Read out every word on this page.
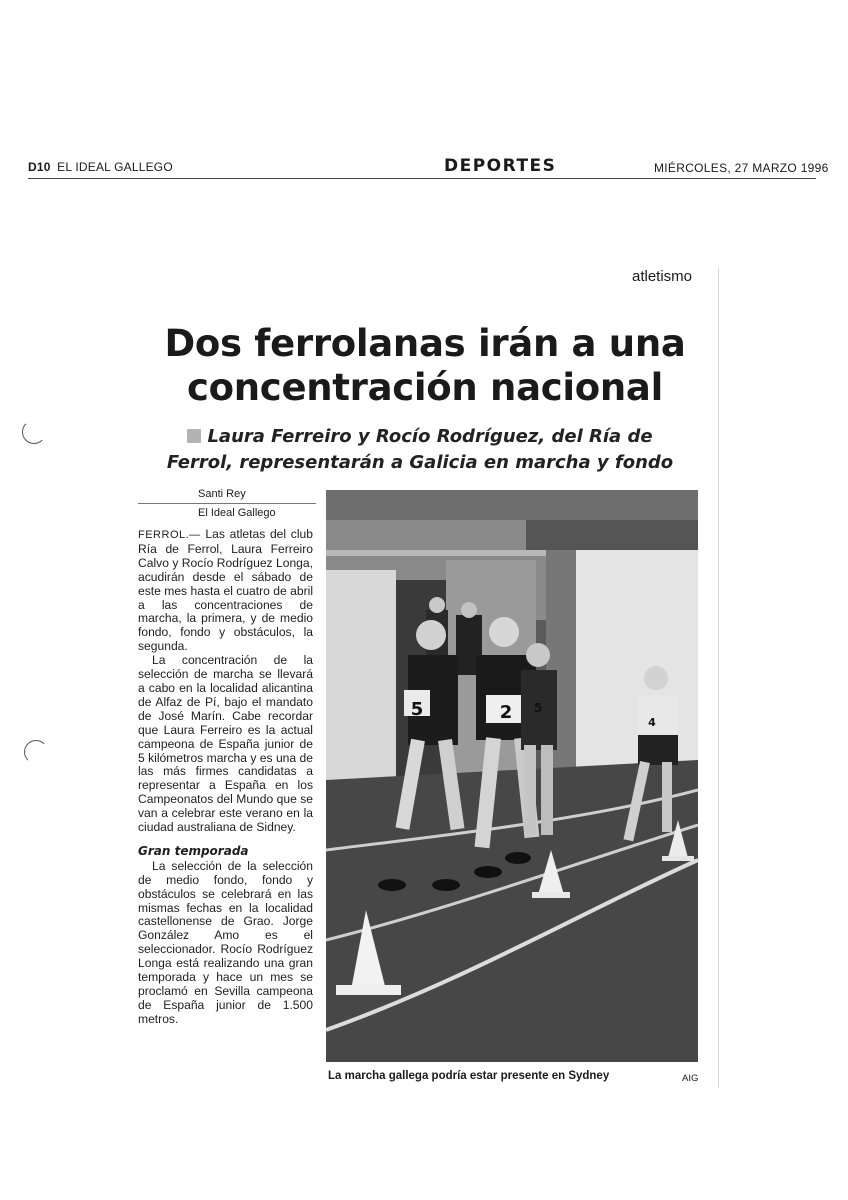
D10 EL IDEAL GALLEGO	DEPORTES	MIÉRCOLES, 27 MARZO 1996
atletismo
Dos ferrolanas irán a una
concentración nacional
Laura Ferreiro y Rocío Rodríguez, del Ría de
Ferrol, representarán a Galicia en marcha y fondo
Santi Rey
El Ideal Gallego

FERROL.— Las atletas del club Ría de Ferrol, Laura Ferreiro Calvo y Rocío Rodríguez Longa, acudirán desde el sábado de este mes hasta el cuatro de abril a las concentraciones de marcha, la primera, y de medio fondo, fondo y obstáculos, la segunda.

La concentración de la selección de marcha se llevará a cabo en la localidad alicantina de Alfaz de Pí, bajo el mandato de José Marín. Cabe recordar que Laura Ferreiro es la actual campeona de España junior de 5 kilómetros marcha y es una de las más firmes candidatas a representar a España en los Campeonatos del Mundo que se van a celebrar este verano en la ciudad australiana de Sidney.

Gran temporada

La selección de la selección de medio fondo, fondo y obstáculos se celebrará en las mismas fechas en la localidad castellonense de Grao. Jorge González Amo es el seleccionador. Rocío Rodríguez Longa está realizando una gran temporada y hace un mes se proclamó en Sevilla campeona de España junior de 1.500 metros.

5	2 5
4
La marcha gallega podría estar presente en Sydney	AIG
